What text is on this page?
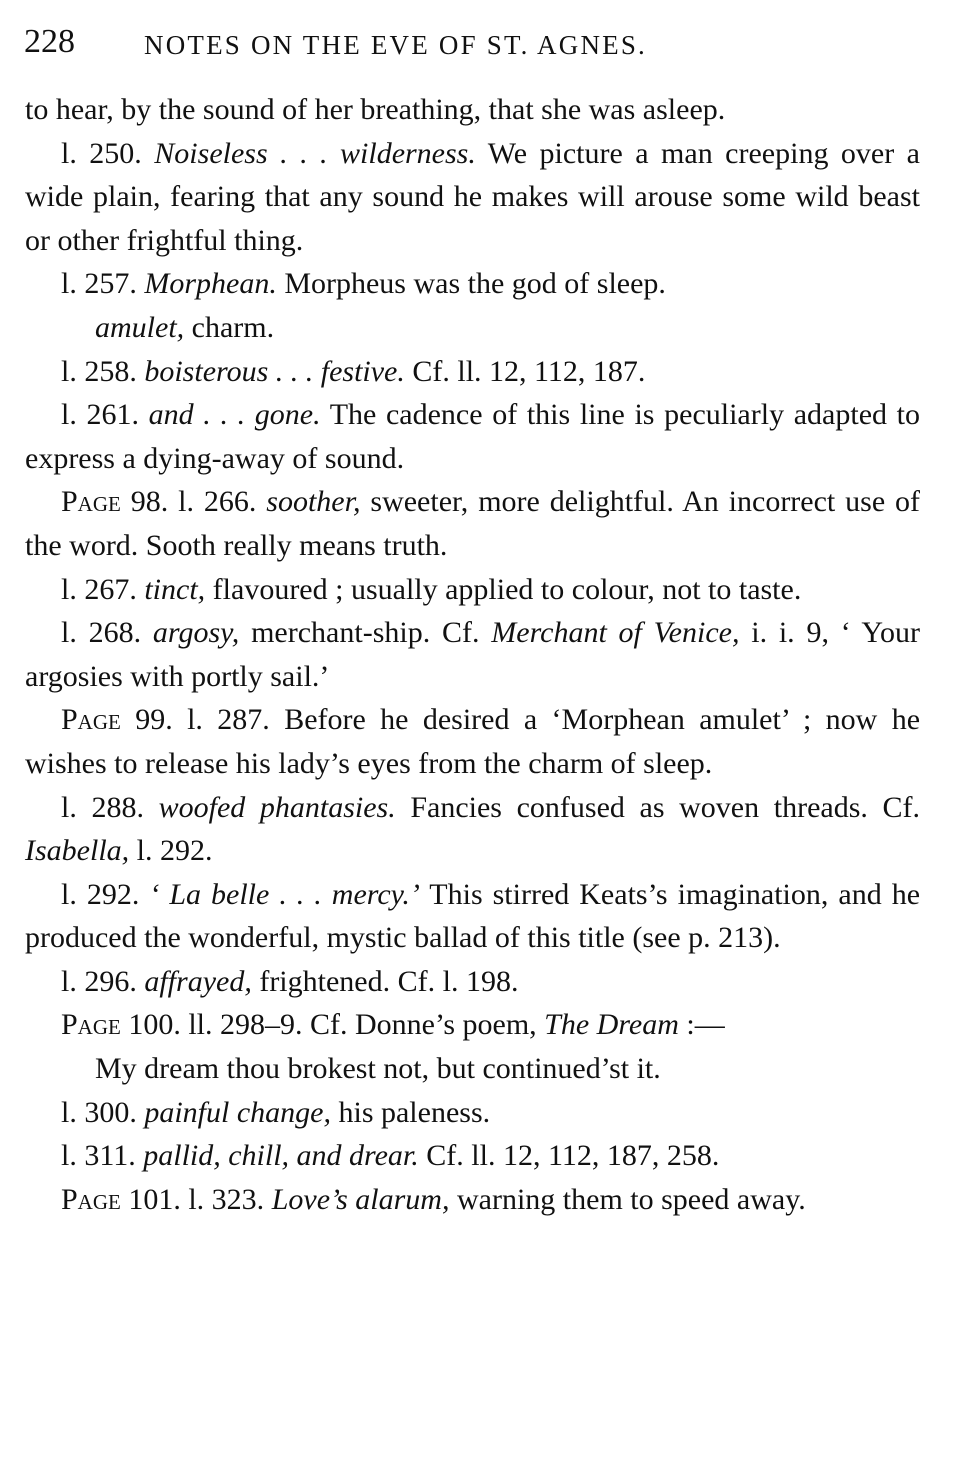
228	NOTES ON THE EVE OF ST. AGNES.

to hear, by the sound of her breathing, that she was asleep.

l. 250. Noiseless . . . wilderness. We picture a man creeping over a wide plain, fearing that any sound he makes will arouse some wild beast or other frightful thing.

l. 257. Morphean. Morpheus was the god of sleep.

amulet, charm.

l. 258. boisterous . . . festive. Cf. ll. 12, 112, 187.

l. 261. and . . . gone. The cadence of this line is peculiarly adapted to express a dying-away of sound.

Page 98. l. 266. soother, sweeter, more delightful. An incorrect use of the word. Sooth really means truth.

l. 267. tinct, flavoured ; usually applied to colour, not to taste.

l. 268. argosy, merchant-ship. Cf. Merchant of Venice, i. i. 9, ‘ Your argosies with portly sail.’

Page 99. l. 287. Before he desired a ‘Morphean amulet’ ; now he wishes to release his lady’s eyes from the charm of sleep.

l. 288. woofed phantasies. Fancies confused as woven threads. Cf. Isabella, l. 292.

l. 292. ‘ La belle . . . mercy.’ This stirred Keats’s imagination, and he produced the wonderful, mystic ballad of this title (see p. 213).

l. 296. affrayed, frightened. Cf. l. 198.

Page 100. ll. 298–9. Cf. Donne’s poem, The Dream :—

My dream thou brokest not, but continued’st it.

l. 300. painful change, his paleness.

l. 311. pallid, chill, and drear. Cf. ll. 12, 112, 187, 258.

Page 101. l. 323. Love’s alarum, warning them to speed away.
